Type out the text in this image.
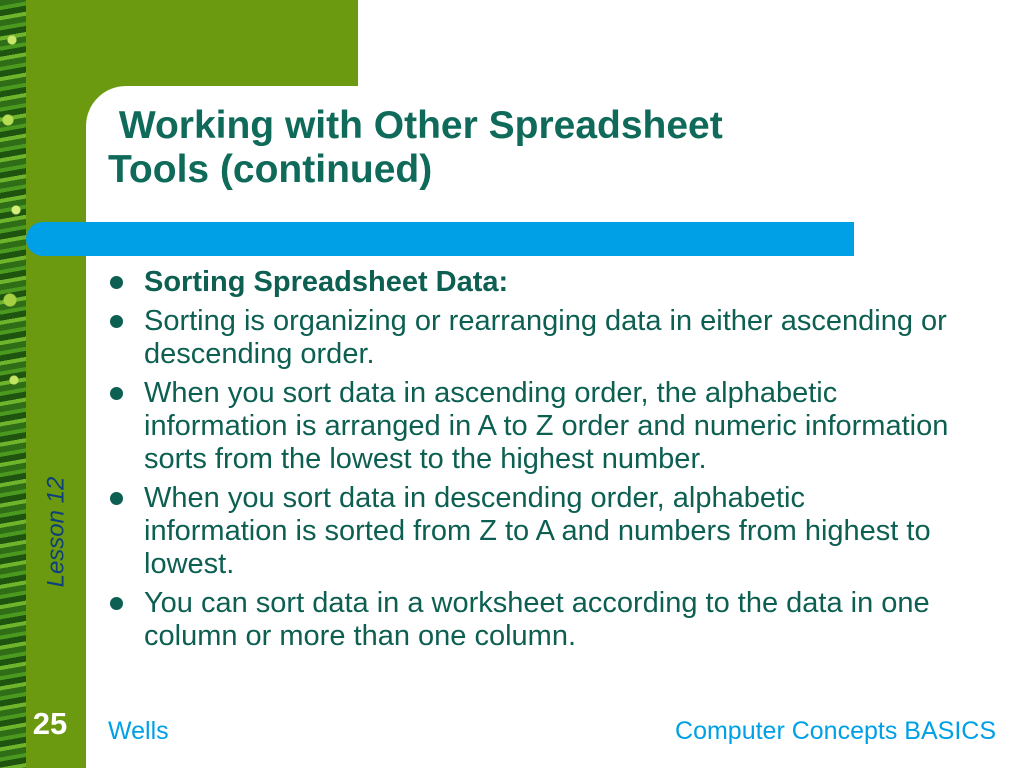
Working with Other Spreadsheet
Tools (continued)
Sorting Spreadsheet Data:
Sorting is organizing or rearranging data in either ascending or descending order.
When you sort data in ascending order, the alphabetic information is arranged in A to Z order and numeric information sorts from the lowest to the highest number.
When you sort data in descending order, alphabetic information is sorted from Z to A and numbers from highest to lowest.
You can sort data in a worksheet according to the data in one column or more than one column.
Lesson 12
25	Wells	Computer Concepts BASICS
